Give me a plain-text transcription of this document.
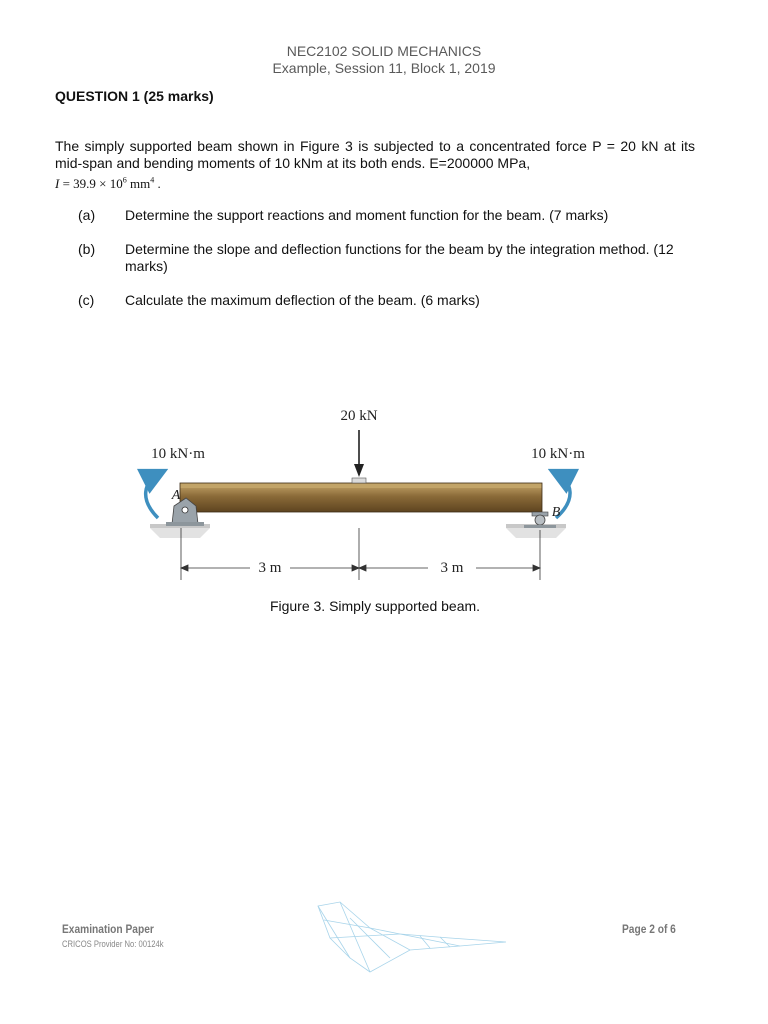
NEC2102 SOLID MECHANICS
Example, Session 11, Block 1, 2019
QUESTION 1 (25 marks)
The simply supported beam shown in Figure 3 is subjected to a concentrated force P = 20 kN at its mid-span and bending moments of 10 kNm at its both ends. E=200000 MPa,
$I = 39.9 \times 10^6$ $mm^4$ .
(a) Determine the support reactions and moment function for the beam. (7 marks)
(b) Determine the slope and deflection functions for the beam by the integration method. (12 marks)
(c) Calculate the maximum deflection of the beam. (6 marks)
20 kN
10 kN·m	10 kN·m
A
B
3 m	3 m
Figure 3. Simply supported beam.
Examination Paper
CRICOS Provider No: 00124k
Page 2 of 6
